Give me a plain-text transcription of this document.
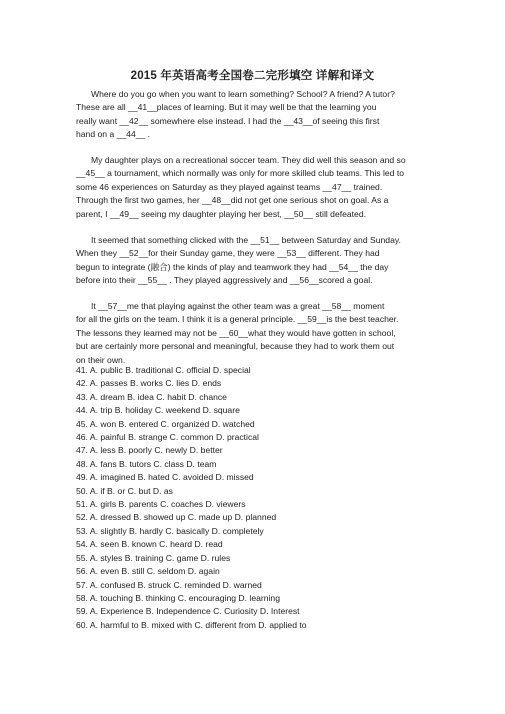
2015 年英语高考全国卷二完形填空 详解和译文
Where do you go when you want to learn something? School? A friend? A tutor?
These are all __41__places of learning. But it may well be that the learning you
really want __42__ somewhere else instead. I had the __43__of seeing this first
hand on a __44__ .
My daughter plays on a recreational soccer team. They did well this season and so
__45__ a tournament, which normally was only for more skilled club teams. This led to
some 46 experiences on Saturday as they played against teams __47__ trained.
Through the first two games, her __48__did not get one serious shot on goal. As a
parent, I __49__ seeing my daughter playing her best, __50__ still defeated.
It seemed that something clicked with the __51__ between Saturday and Sunday.
When they __52__for their Sunday game, they were __53__ different. They had
begun to integrate (融合) the kinds of play and teamwork they had __54__ the day
before into their __55__ . They played aggressively and __56__scored a goal.
It __57__me that playing against the other team was a great __58__ moment
for all the girls on the team. I think it is a general principle. __59__is the best teacher.
The lessons they learned may not be __60__what they would have gotten in school,
but are certainly more personal and meaningful, because they had to work them out
on their own.
41. A. public B. traditional C. official D. special
42. A. passes B. works C. lies D. ends
43. A. dream B. idea C. habit D. chance
44. A. trip B. holiday C. weekend D. square
45. A. won B. entered C. organized D. watched
46. A. painful B. strange C. common D. practical
47. A. less B. poorly C. newly D. better
48. A. fans B. tutors C. class D. team
49. A. imagined B. hated C. avoided D. missed
50. A. if B. or C. but D. as
51. A. girls B. parents C. coaches D. viewers
52. A. dressed B. showed up C. made up D. planned
53. A. slightly B. hardly C. basically D. completely
54. A. seen B. known C. heard D. read
55. A. styles B. training C. game D. rules
56. A. even B. still C. seldom D. again
57. A. confused B. struck C. reminded D. warned
58. A. touching B. thinking C. encouraging D. learning
59. A. Experience B. Independence C. Curiosity D. Interest
60. A. harmful to B. mixed with C. different from D. applied to
